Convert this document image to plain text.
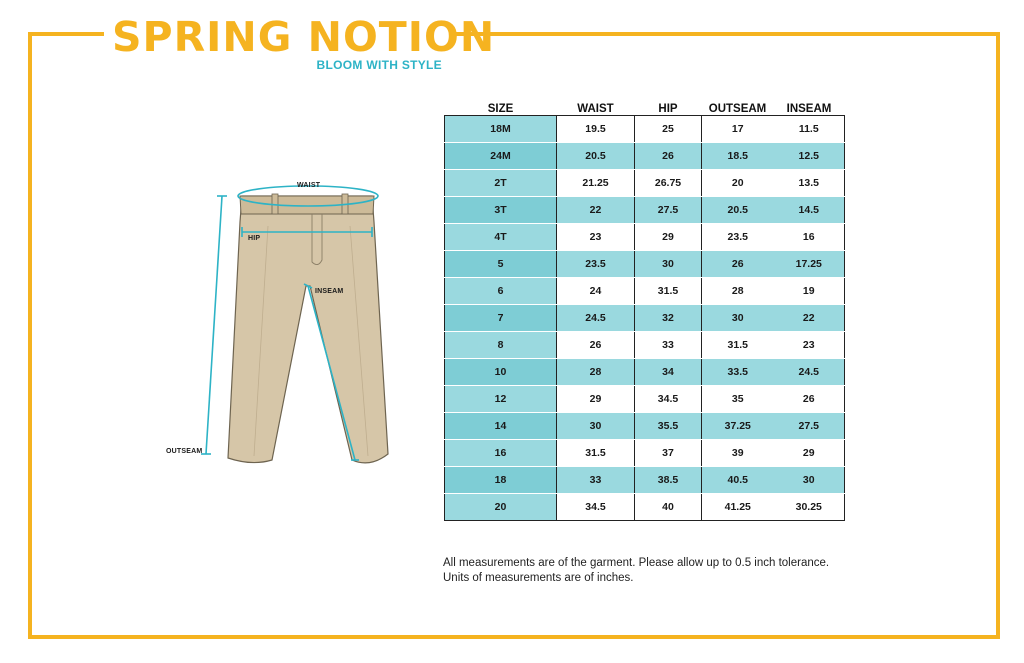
SPRING NOTION
BLOOM WITH STYLE
WAIST
HIP
INSEAM
OUTSEAM
SIZE	WAIST	HIP	OUTSEAM	INSEAM
18M	19.5	25	17	11.5
24M	20.5	26	18.5	12.5
2T	21.25	26.75	20	13.5
3T	22	27.5	20.5	14.5
4T	23	29	23.5	16
5	23.5	30	26	17.25
6	24	31.5	28	19
7	24.5	32	30	22
8	26	33	31.5	23
10	28	34	33.5	24.5
12	29	34.5	35	26
14	30	35.5	37.25	27.5
16	31.5	37	39	29
18	33	38.5	40.5	30
20	34.5	40	41.25	30.25
All measurements are of the garment. Please allow up to 0.5 inch tolerance.
Units of measurements are of inches.
